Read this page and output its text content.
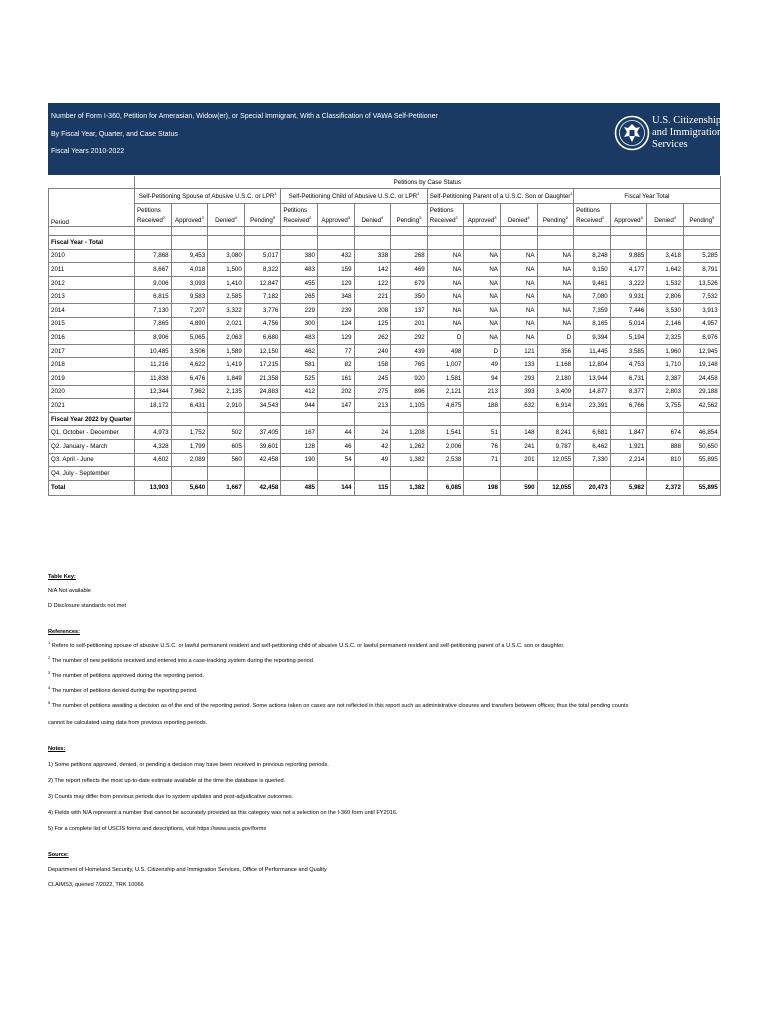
Number of Form I-360, Petition for Amerasian, Widow(er), or Special Immigrant, With a Classification of VAWA Self-Petitioner
By Fiscal Year, Quarter, and Case Status
Fiscal Years 2010-2022
U.S. Citizenship
and Immigration
Services
	Petitions by Case Status															
Period	Self-Petitioning Spouse of Abusive U.S.C. or LPR$^1$				Self-Petitioning Child of Abusive U.S.C. or LPR$^1$				Self-Petitioning Parent of a U.S.C. Son or Daughter$^1$				Fiscal Year Total			
	Petitions				Petitions				Petitions				Petitions			
	Received$^2$	Approved$^3$	Denied$^4$	Pending$^5$	Received$^2$	Approved$^3$	Denied$^4$	Pending$^5$	Received$^2$	Approved$^3$	Denied$^4$	Pending$^5$	Received$^2$	Approved$^3$	Denied$^4$	Pending$^5$

Fiscal Year - Total																
2010	7,868	9,453	3,080	5,017	380	432	338	268	NA	NA	NA	NA	8,248	9,885	3,418	5,285
2011	8,667	4,018	1,500	8,322	483	159	142	469	NA	NA	NA	NA	9,150	4,177	1,642	8,791
2012	9,006	3,093	1,410	12,847	455	129	122	679	NA	NA	NA	NA	9,461	3,222	1,532	13,526
2013	6,815	9,583	2,585	7,182	265	348	221	350	NA	NA	NA	NA	7,080	9,931	2,806	7,532
2014	7,130	7,207	3,322	3,776	229	239	208	137	NA	NA	NA	NA	7,359	7,446	3,530	3,913
2015	7,865	4,890	2,021	4,756	300	124	125	201	NA	NA	NA	NA	8,165	5,014	2,146	4,957
2016	8,906	5,065	2,063	6,680	483	129	262	292	D	NA	NA	D	9,394	5,194	2,325	6,976
2017	10,485	3,506	1,589	12,150	462	77	240	439	498	D	121	356	11,445	3,585	1,960	12,945
2018	11,216	4,622	1,419	17,215	581	82	158	765	1,007	49	133	1,168	12,804	4,753	1,710	19,148
2019	11,838	6,476	1,849	21,358	525	161	245	920	1,581	94	293	2,180	13,944	6,731	2,387	24,458
2020	12,344	7,962	2,135	24,883	412	202	275	896	2,121	213	393	3,409	14,877	8,377	2,803	29,188
2021	18,172	6,431	2,910	34,543	944	147	213	1,105	4,675	188	632	6,914	23,391	6,766	3,755	42,562
Fiscal Year 2022 by Quarter																
Q1. October - December	4,973	1,752	502	37,405	167	44	24	1,208	1,541	51	148	8,241	6,681	1,847	674	46,854
Q2. January - March	4,328	1,799	605	39,601	128	46	42	1,262	2,006	76	241	9,787	6,462	1,921	888	50,650
Q3. April - June	4,602	2,089	560	42,458	190	54	49	1,382	2,538	71	201	12,055	7,330	2,214	810	55,895
Q4. July - September																
Total	13,903	5,640	1,667	42,458	485	144	115	1,382	6,085	198	590	12,055	20,473	5,982	2,372	55,895
Table Key:
N/A Not available
D Disclosure standards not met
References:
$^1$ Refers to self-petitioning spouse of abusive U.S.C. or lawful permanent resident and self-petitioning child of abusive U.S.C. or lawful permanent resident and self-petitioning parent of a U.S.C. son or daughter.
$^2$ The number of new petitions received and entered into a case-tracking system during the reporting period.
$^3$ The number of petitions approved during the reporting period.
$^4$ The number of petitions denied during the reporting period.
$^5$ The number of petitions awaiting a decision as of the end of the reporting period. Some actions taken on cases are not reflected in this report such as administrative closures and transfers between offices; thus the total pending counts
cannot be calculated using data from previous reporting periods.
Notes:
1) Some petitions approved, denied, or pending a decision may have been received in previous reporting periods.
2) The report reflects the most up-to-date estimate available at the time the database is queried.
3) Counts may differ from previous periods due to system updates and post-adjudicative outcomes.
4) Fields with N/A represent a number that cannot be accurately provided as this category was not a selection on the I-360 form until FY2016.
5) For a complete list of USCIS forms and descriptions, visit https://www.uscis.gov/forms
Source:
Department of Homeland Security, U.S. Citizenship and Immigration Services, Office of Performance and Quality
CLAIMS3, queried 7/2022, TRK 10066
